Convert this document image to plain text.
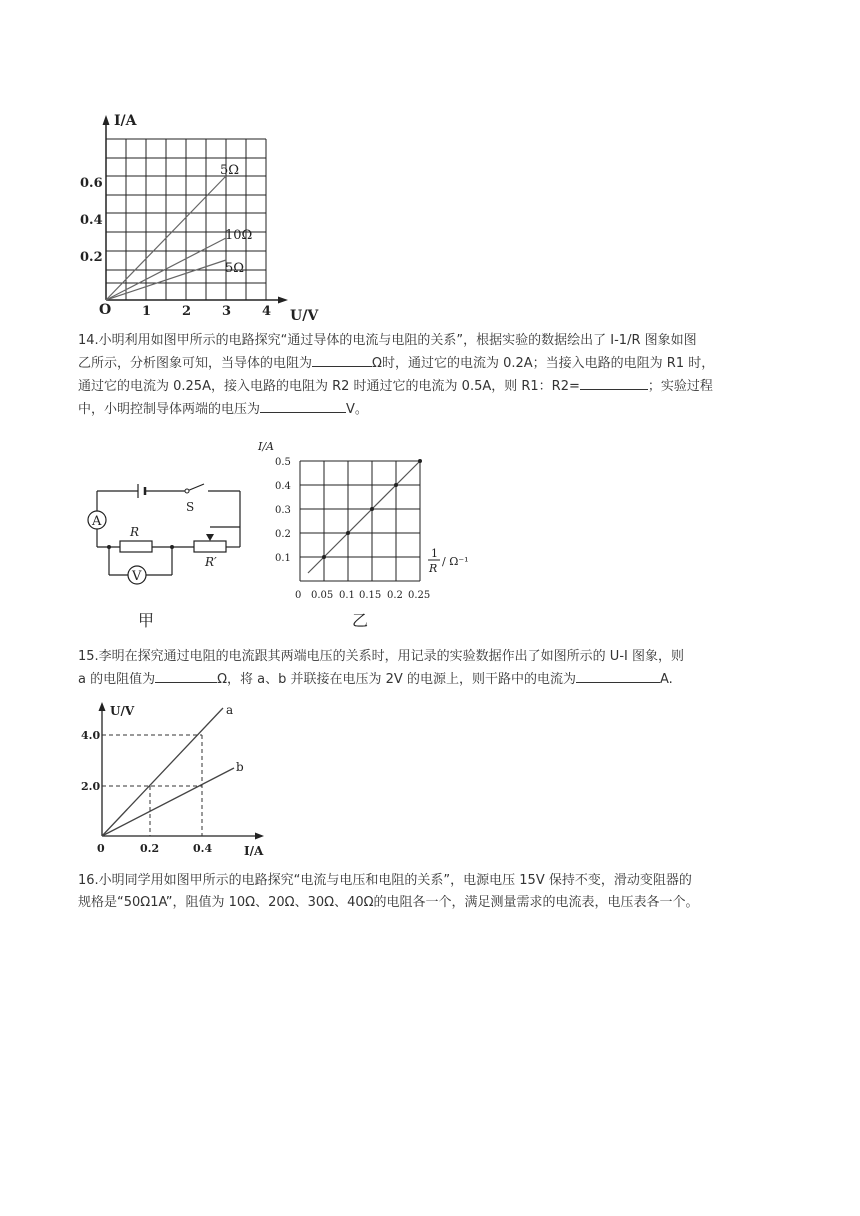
I/A
U/V
O
0.6
0.4
0.2
1 2 3 4
5Ω
10Ω
5Ω
14.小明利用如图甲所示的电路探究“通过导体的电流与电阻的关系”，根据实验的数据绘出了 I-1/R 图象如图
乙所示，分析图象可知，当导体的电阻为	Ω时，通过它的电流为 0.2A；当接入电路的电阻为 R1 时，
通过它的电流为 0.25A，接入电路的电阻为 R2 时通过它的电流为 0.5A，则 R1：R2=	；实验过程
中，小明控制导体两端的电压为	V。
A
V
R
R′
S
甲
I/A
0.5
0.4
0.3
0.2
0.1
0 0.05 0.1 0.15 0.2 0.25
1
R
/ Ω⁻¹
乙
15.李明在探究通过电阻的电流跟其两端电压的关系时，用记录的实验数据作出了如图所示的 U-I 图象，则
a 的电阻值为	Ω，将 a、b 并联接在电压为 2V 的电源上，则干路中的电流为	A.
U/V
I/A
4.0
2.0
0	0.2	0.4
a
b
16.小明同学用如图甲所示的电路探究“电流与电压和电阻的关系”，电源电压 15V 保持不变，滑动变阻器的
规格是“50Ω1A”，阻值为 10Ω、20Ω、30Ω、40Ω的电阻各一个，满足测量需求的电流表，电压表各一个。
